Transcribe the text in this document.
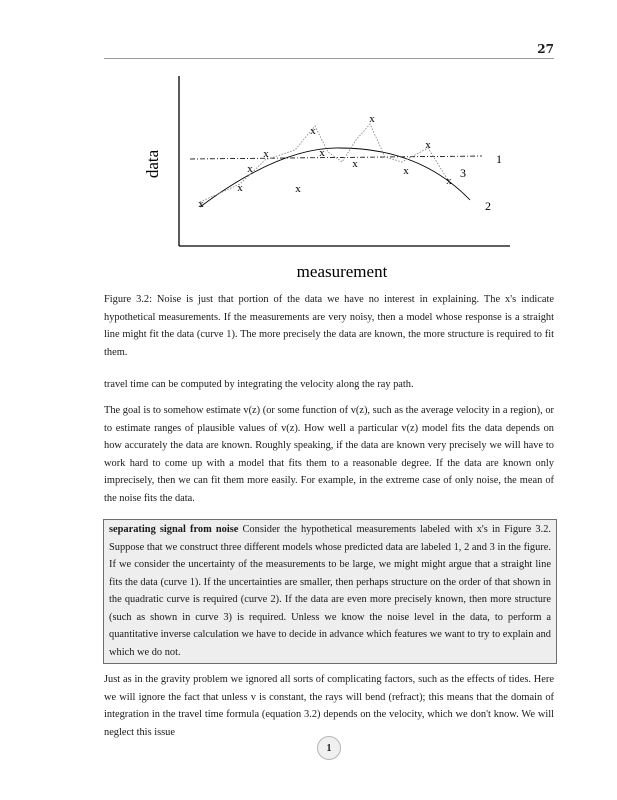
27
data
measurement
x
x
x
x
x
x
x
x
x
x
x
x
1
2
3

Figure 3.2: Noise is just that portion of the data we have no interest in explaining. The x's indicate hypothetical measurements. If the measurements are very noisy, then a model whose response is a straight line might fit the data (curve 1). The more precisely the data are known, the more structure is required to fit them.

travel time can be computed by integrating the velocity along the ray path.

The goal is to somehow estimate v(z) (or some function of v(z), such as the average velocity in a region), or to estimate ranges of plausible values of v(z). How well a particular v(z) model fits the data depends on how accurately the data are known. Roughly speaking, if the data are known very precisely we will have to work hard to come up with a model that fits them to a reasonable degree. If the data are known only imprecisely, then we can fit them more easily. For example, in the extreme case of only noise, the mean of the noise fits the data.

separating signal from noise Consider the hypothetical measurements labeled with x's in Figure 3.2. Suppose that we construct three different models whose predicted data are labeled 1, 2 and 3 in the figure. If we consider the uncertainty of the measurements to be large, we might might argue that a straight line fits the data (curve 1). If the uncertainties are smaller, then perhaps structure on the order of that shown in the quadratic curve is required (curve 2). If the data are even more precisely known, then more structure (such as shown in curve 3) is required. Unless we know the noise level in the data, to perform a quantitative inverse calculation we have to decide in advance which features we want to try to explain and which we do not.

Just as in the gravity problem we ignored all sorts of complicating factors, such as the effects of tides. Here we will ignore the fact that unless v is constant, the rays will bend (refract); this means that the domain of integration in the travel time formula (equation 3.2) depends on the velocity, which we don't know. We will neglect this issue

1
